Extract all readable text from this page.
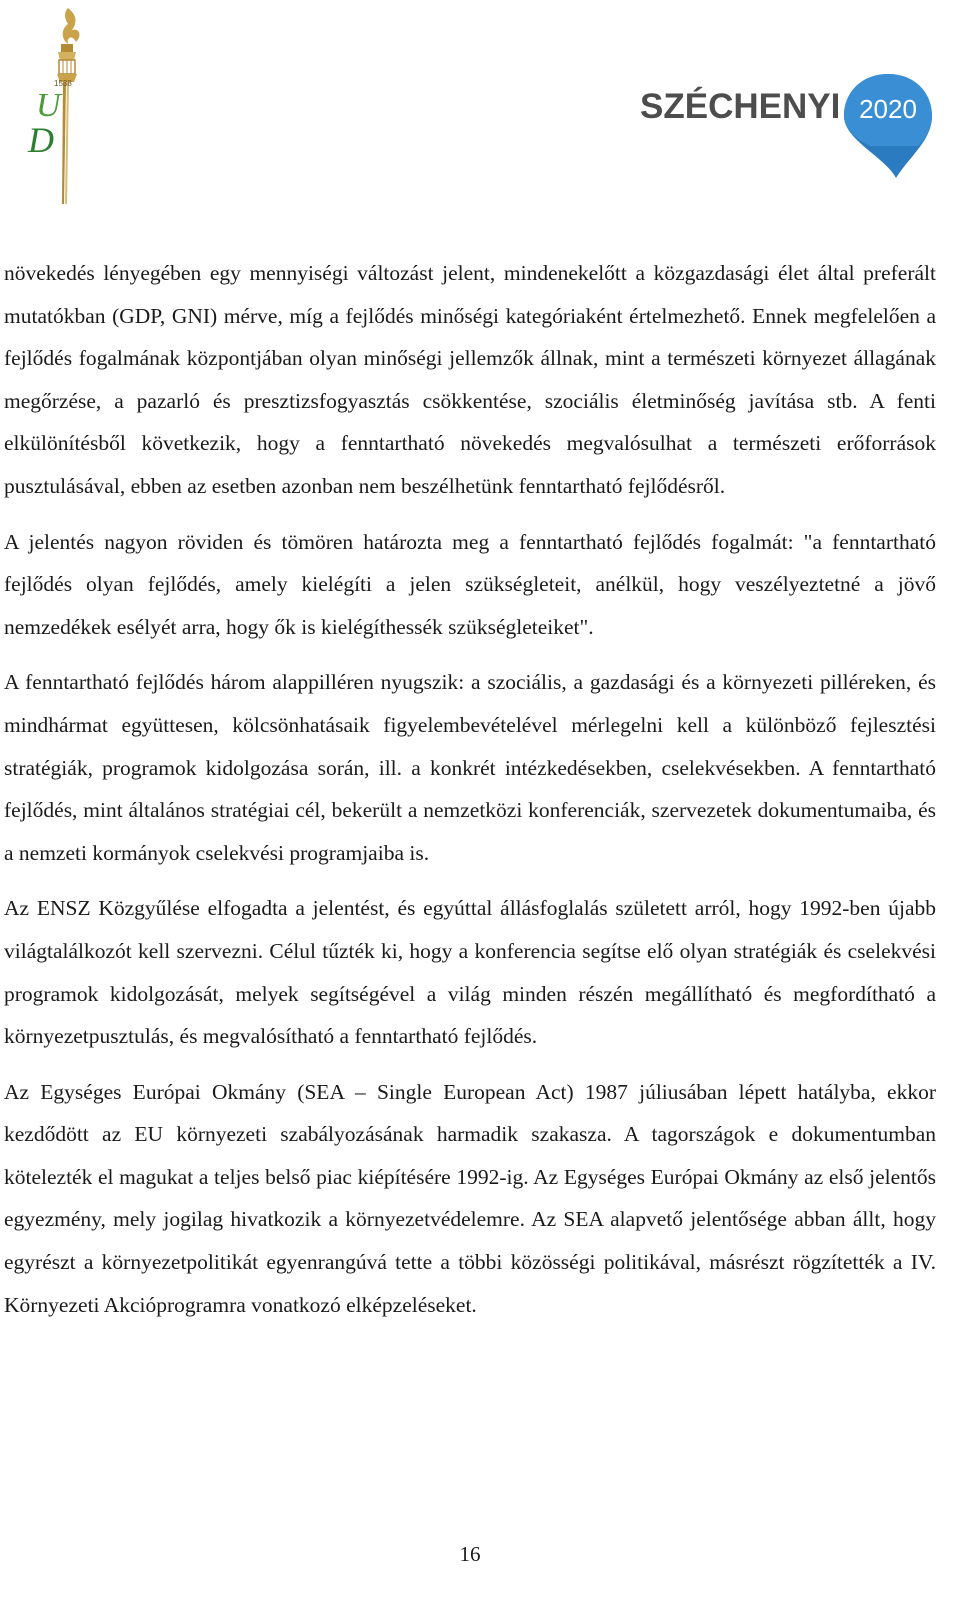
U
D
1538
2020
SZÉCHENYI

növekedés lényegében egy mennyiségi változást jelent, mindenekelőtt a közgazdasági élet által preferált mutatókban (GDP, GNI) mérve, míg a fejlődés minőségi kategóriaként értelmezhető. Ennek megfelelően a fejlődés fogalmának központjában olyan minőségi jellemzők állnak, mint a természeti környezet állagának megőrzése, a pazarló és presztizsfogyasztás csökkentése, szociális életminőség javítása stb. A fenti elkülönítésből következik, hogy a fenntartható növekedés megvalósulhat a természeti erőforrások pusztulásával, ebben az esetben azonban nem beszélhetünk fenntartható fejlődésről.

A jelentés nagyon röviden és tömören határozta meg a fenntartható fejlődés fogalmát: "a fenntartható fejlődés olyan fejlődés, amely kielégíti a jelen szükségleteit, anélkül, hogy veszélyeztetné a jövő nemzedékek esélyét arra, hogy ők is kielégíthessék szükségleteiket".

A fenntartható fejlődés három alappilléren nyugszik: a szociális, a gazdasági és a környezeti pilléreken, és mindhármat együttesen, kölcsönhatásaik figyelembevételével mérlegelni kell a különböző fejlesztési stratégiák, programok kidolgozása során, ill. a konkrét intézkedésekben, cselekvésekben. A fenntartható fejlődés, mint általános stratégiai cél, bekerült a nemzetközi konferenciák, szervezetek dokumentumaiba, és a nemzeti kormányok cselekvési programjaiba is.

Az ENSZ Közgyűlése elfogadta a jelentést, és egyúttal állásfoglalás született arról, hogy 1992-ben újabb világtalálkozót kell szervezni. Célul tűzték ki, hogy a konferencia segítse elő olyan stratégiák és cselekvési programok kidolgozását, melyek segítségével a világ minden részén megállítható és megfordítható a környezetpusztulás, és megvalósítható a fenntartható fejlődés.

Az Egységes Európai Okmány (SEA – Single European Act) 1987 júliusában lépett hatályba, ekkor kezdődött az EU környezeti szabályozásának harmadik szakasza. A tagországok e dokumentumban kötelezték el magukat a teljes belső piac kiépítésére 1992-ig. Az Egységes Európai Okmány az első jelentős egyezmény, mely jogilag hivatkozik a környezetvédelemre. Az SEA alapvető jelentősége abban állt, hogy egyrészt a környezetpolitikát egyenrangúvá tette a többi közösségi politikával, másrészt rögzítették a IV. Környezeti Akcióprogramra vonatkozó elképzeléseket.

16
